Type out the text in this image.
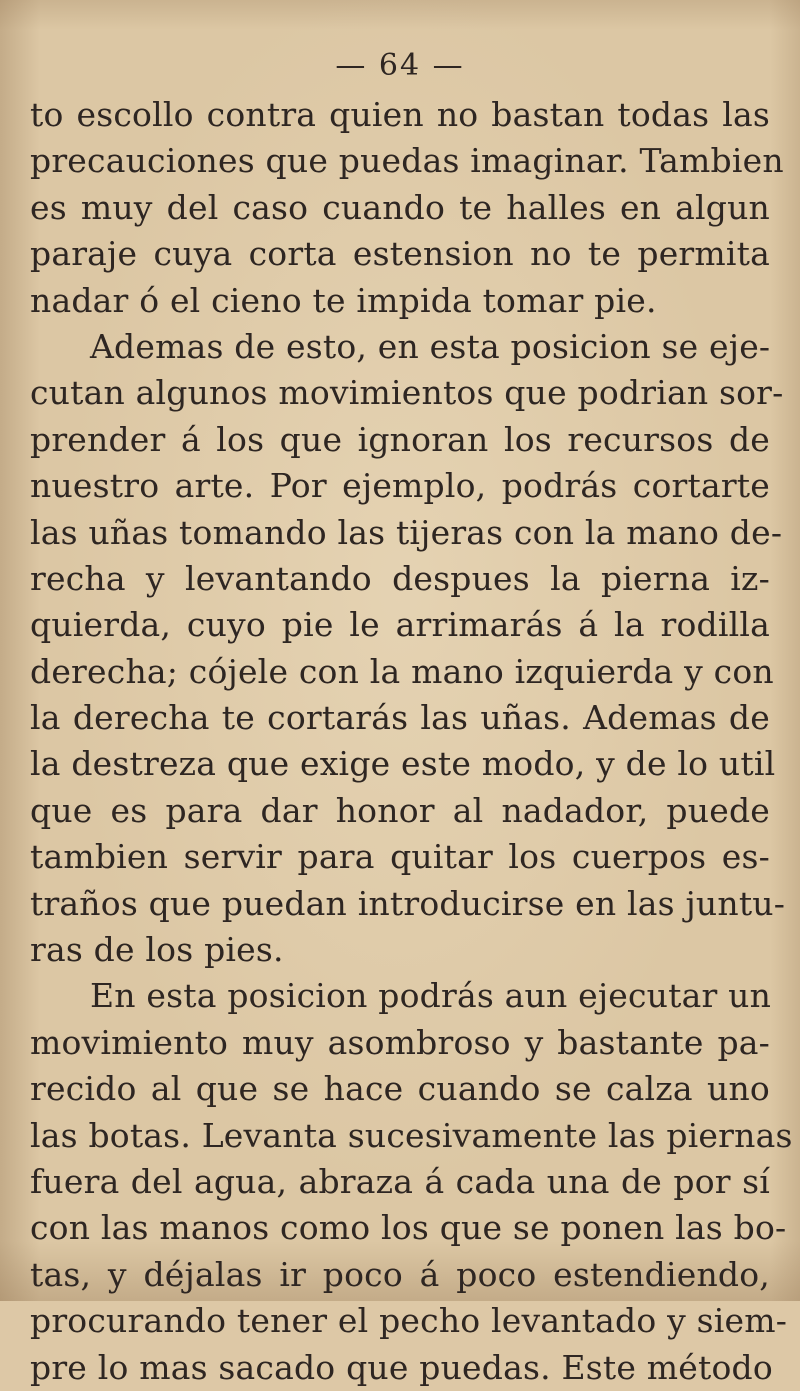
— 64 —
to escollo contra quien no bastan todas las
precauciones que puedas imaginar. Tambien
es muy del caso cuando te halles en algun
paraje cuya corta estension no te permita
nadar ó el cieno te impida tomar pie.
Ademas de esto, en esta posicion se eje-
cutan algunos movimientos que podrian sor-
prender á los que ignoran los recursos de
nuestro arte. Por ejemplo, podrás cortarte
las uñas tomando las tijeras con la mano de-
recha y levantando despues la pierna iz-
quierda, cuyo pie le arrimarás á la rodilla
derecha; cójele con la mano izquierda y con
la derecha te cortarás las uñas. Ademas de
la destreza que exige este modo, y de lo util
que es para dar honor al nadador, puede
tambien servir para quitar los cuerpos es-
traños que puedan introducirse en las juntu-
ras de los pies.
En esta posicion podrás aun ejecutar un
movimiento muy asombroso y bastante pa-
recido al que se hace cuando se calza uno
las botas. Levanta sucesivamente las piernas
fuera del agua, abraza á cada una de por sí
con las manos como los que se ponen las bo-
tas, y déjalas ir poco á poco estendiendo,
procurando tener el pecho levantado y siem-
pre lo mas sacado que puedas. Este método
